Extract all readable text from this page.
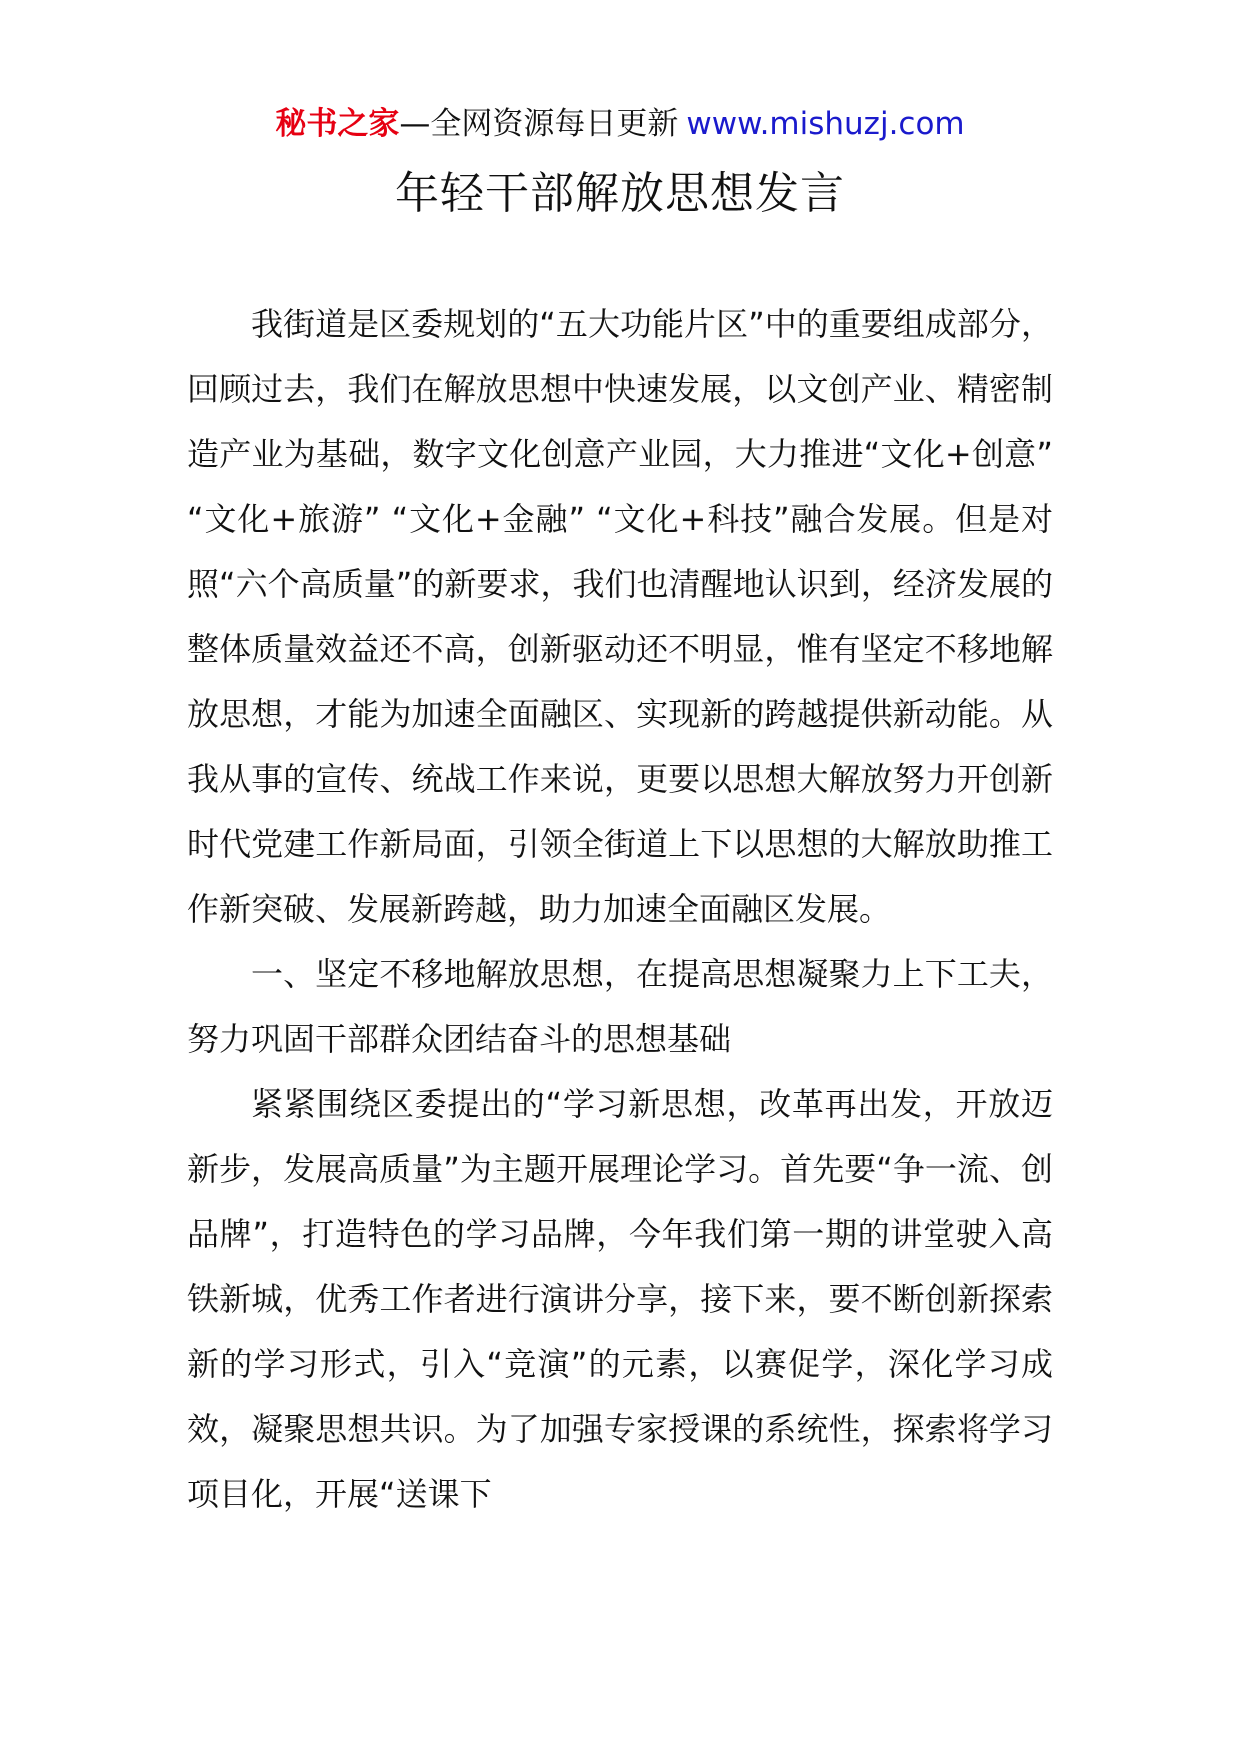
秘书之家—全网资源每日更新 www.mishuzj.com
年轻干部解放思想发言

我街道是区委规划的“五大功能片区”中的重要组成部分，回顾过去，我们在解放思想中快速发展，以文创产业、精密制造产业为基础，数字文化创意产业园，大力推进“文化+创意” “文化+旅游” “文化+金融” “文化+科技”融合发展。但是对照“六个高质量”的新要求，我们也清醒地认识到，经济发展的整体质量效益还不高，创新驱动还不明显，惟有坚定不移地解放思想，才能为加速全面融区、实现新的跨越提供新动能。从我从事的宣传、统战工作来说，更要以思想大解放努力开创新时代党建工作新局面，引领全街道上下以思想的大解放助推工作新突破、发展新跨越，助力加速全面融区发展。

一、坚定不移地解放思想，在提高思想凝聚力上下工夫，努力巩固干部群众团结奋斗的思想基础

紧紧围绕区委提出的“学习新思想，改革再出发，开放迈新步，发展高质量”为主题开展理论学习。首先要“争一流、创品牌”，打造特色的学习品牌，今年我们第一期的讲堂驶入高铁新城，优秀工作者进行演讲分享，接下来，要不断创新探索新的学习形式，引入“竞演”的元素，以赛促学，深化学习成效，凝聚思想共识。为了加强专家授课的系统性，探索将学习项目化，开展“送课下
